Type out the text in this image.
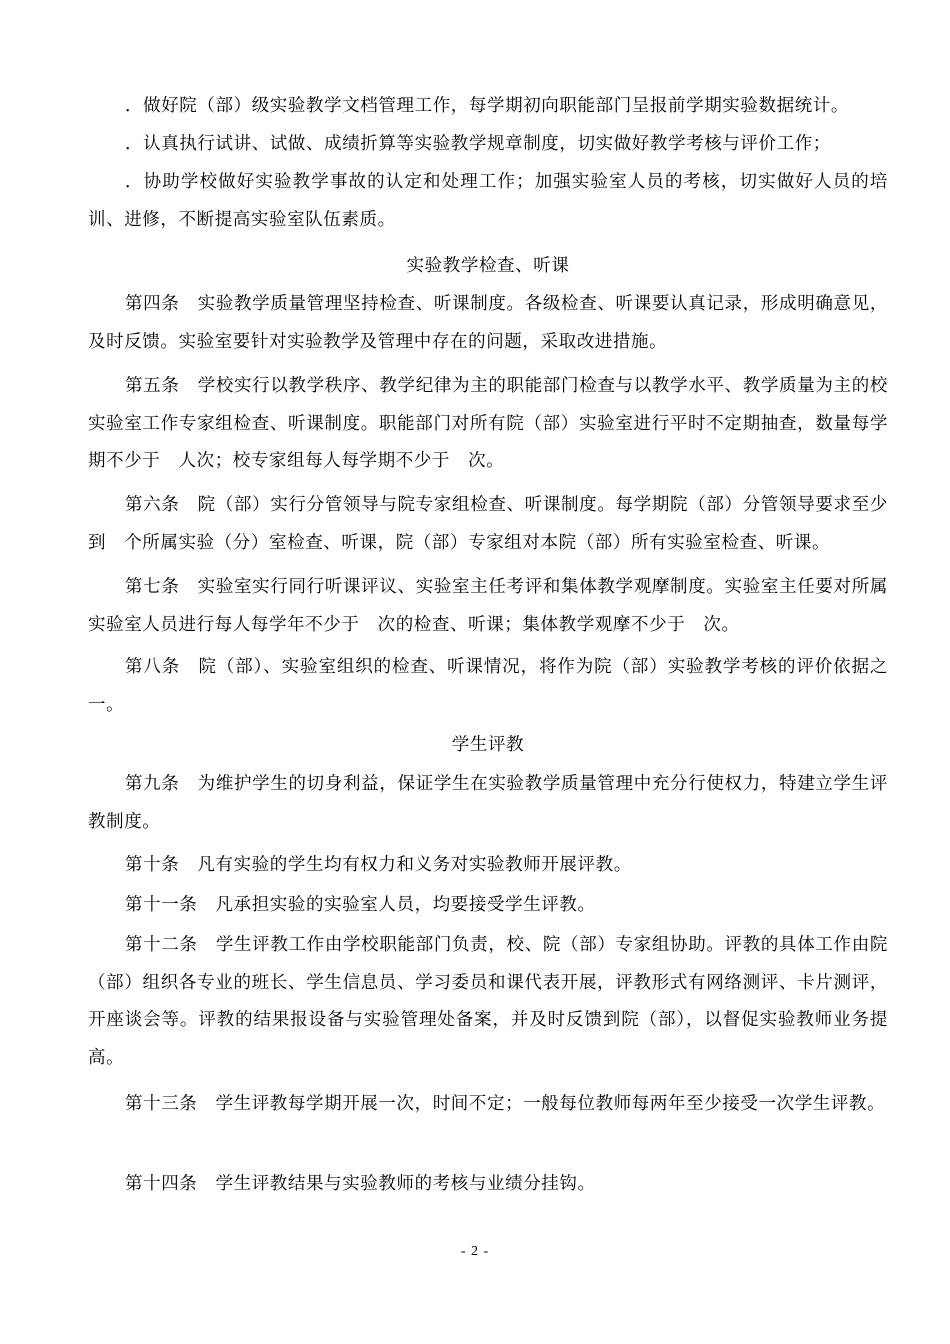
．做好院（部）级实验教学文档管理工作，每学期初向职能部门呈报前学期实验数据统计。

．认真执行试讲、试做、成绩折算等实验教学规章制度，切实做好教学考核与评价工作；

．协助学校做好实验教学事故的认定和处理工作；加强实验室人员的考核，切实做好人员的培训、进修，不断提高实验室队伍素质。

实验教学检查、听课

第四条　实验教学质量管理坚持检查、听课制度。各级检查、听课要认真记录，形成明确意见，及时反馈。实验室要针对实验教学及管理中存在的问题，采取改进措施。

第五条　学校实行以教学秩序、教学纪律为主的职能部门检查与以教学水平、教学质量为主的校实验室工作专家组检查、听课制度。职能部门对所有院（部）实验室进行平时不定期抽查，数量每学期不少于　人次；校专家组每人每学期不少于　次。

第六条　院（部）实行分管领导与院专家组检查、听课制度。每学期院（部）分管领导要求至少到　个所属实验（分）室检查、听课，院（部）专家组对本院（部）所有实验室检查、听课。

第七条　实验室实行同行听课评议、实验室主任考评和集体教学观摩制度。实验室主任要对所属实验室人员进行每人每学年不少于　次的检查、听课；集体教学观摩不少于　次。

第八条　院（部）、实验室组织的检查、听课情况，将作为院（部）实验教学考核的评价依据之一。

学生评教

第九条　为维护学生的切身利益，保证学生在实验教学质量管理中充分行使权力，特建立学生评教制度。

第十条　凡有实验的学生均有权力和义务对实验教师开展评教。

第十一条　凡承担实验的实验室人员，均要接受学生评教。

第十二条　学生评教工作由学校职能部门负责，校、院（部）专家组协助。评教的具体工作由院（部）组织各专业的班长、学生信息员、学习委员和课代表开展，评教形式有网络测评、卡片测评，开座谈会等。评教的结果报设备与实验管理处备案，并及时反馈到院（部），以督促实验教师业务提高。

第十三条　学生评教每学期开展一次，时间不定；一般每位教师每两年至少接受一次学生评教。

第十四条　学生评教结果与实验教师的考核与业绩分挂钩。

- 2 -
